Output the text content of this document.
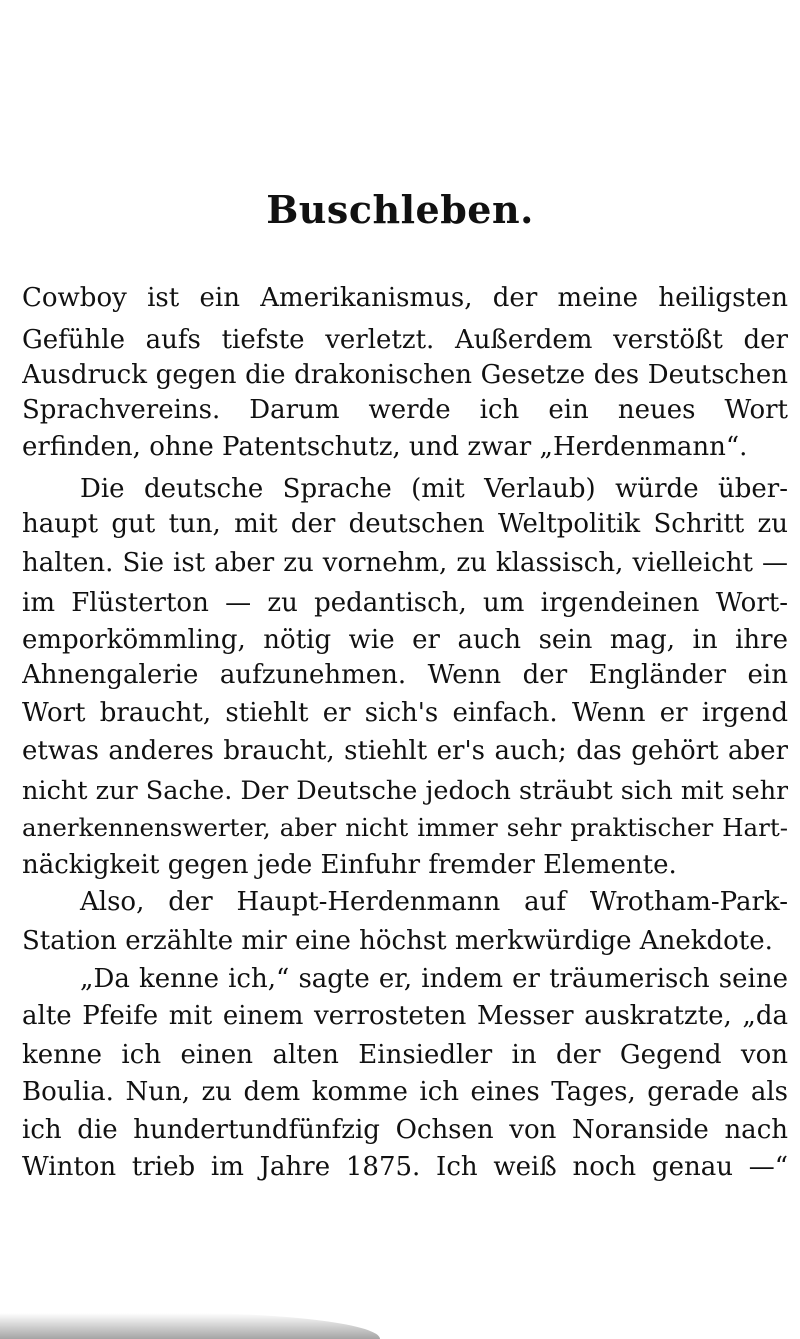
Buschleben.
Cowboy ist ein Amerikanismus, der meine heiligsten
Gefühle aufs tiefste verletzt. Außerdem verstößt der
Ausdruck gegen die drakonischen Gesetze des Deutschen
Sprachvereins. Darum werde ich ein neues Wort
erfinden, ohne Patentschutz, und zwar „Herdenmann“.
Die deutsche Sprache (mit Verlaub) würde über-
haupt gut tun, mit der deutschen Weltpolitik Schritt zu
halten. Sie ist aber zu vornehm, zu klassisch, vielleicht —
im Flüsterton — zu pedantisch, um irgendeinen Wort-
emporkömmling, nötig wie er auch sein mag, in ihre
Ahnengalerie aufzunehmen. Wenn der Engländer ein
Wort braucht, stiehlt er sich's einfach. Wenn er irgend
etwas anderes braucht, stiehlt er's auch; das gehört aber
nicht zur Sache. Der Deutsche jedoch sträubt sich mit sehr
anerkennenswerter, aber nicht immer sehr praktischer Hart-
näckigkeit gegen jede Einfuhr fremder Elemente.
Also, der Haupt-Herdenmann auf Wrotham-Park-
Station erzählte mir eine höchst merkwürdige Anekdote.
„Da kenne ich,“ sagte er, indem er träumerisch seine
alte Pfeife mit einem verrosteten Messer auskratzte, „da
kenne ich einen alten Einsiedler in der Gegend von
Boulia. Nun, zu dem komme ich eines Tages, gerade als
ich die hundertundfünfzig Ochsen von Noranside nach
Winton trieb im Jahre 1875. Ich weiß noch genau —“
